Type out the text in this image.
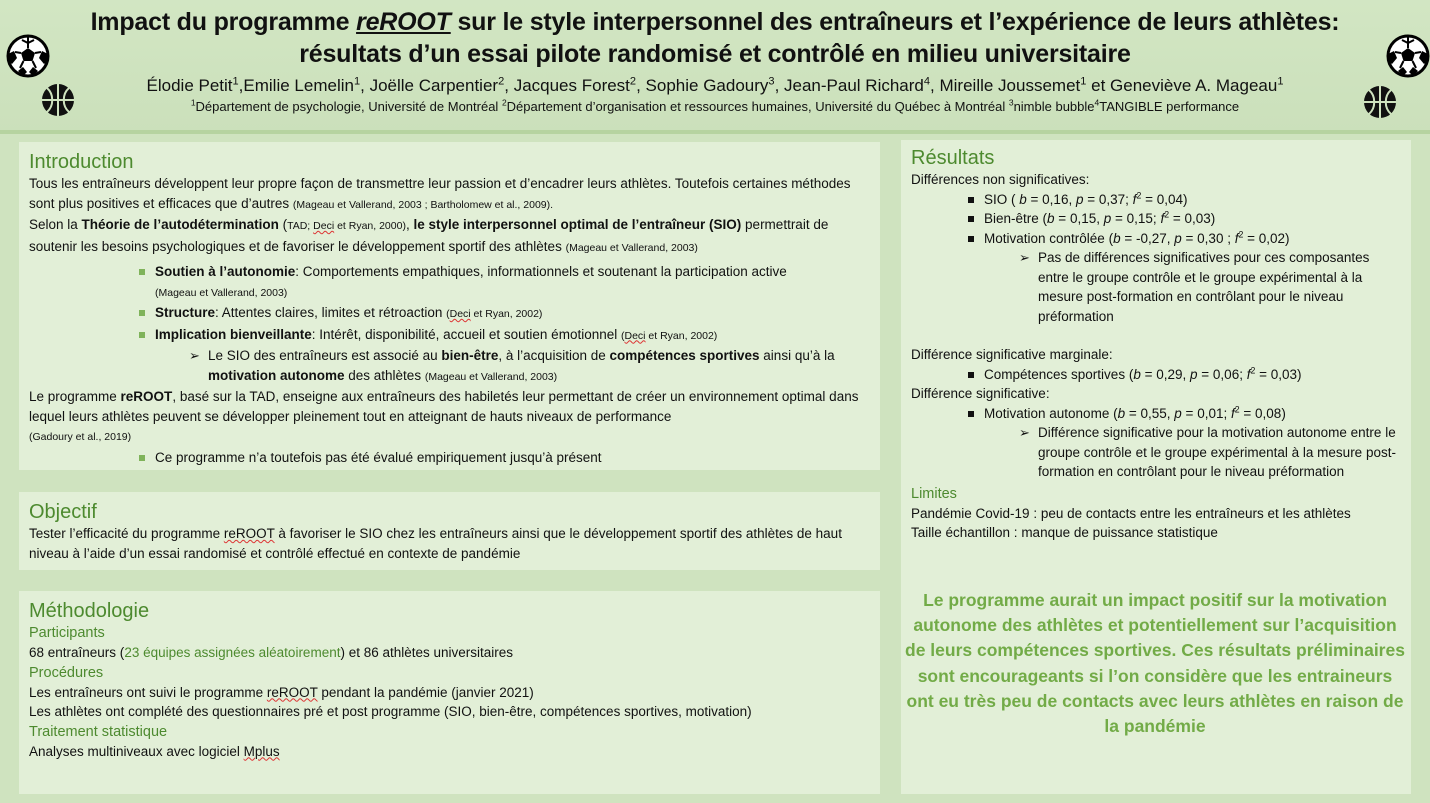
Impact du programme reROOT sur le style interpersonnel des entraîneurs et l’expérience de leurs athlètes:
résultats d’un essai pilote randomisé et contrôlé en milieu universitaire
Élodie Petit$^1$,Emilie Lemelin$^1$, Joëlle Carpentier$^2$, Jacques Forest$^2$, Sophie Gadoury$^3$, Jean-Paul Richard$^4$, Mireille Joussemet$^1$ et Geneviève A. Mageau$^1$
$^1$Département de psychologie, Université de Montréal $^2$Département d’organisation et ressources humaines, Université du Québec à Montréal $^3$nimble bubble$^4$TANGIBLE performance
Introduction
Tous les entraîneurs développent leur propre façon de transmettre leur passion et d’encadrer leurs athlètes. Toutefois certaines méthodes sont plus positives et efficaces que d’autres (Mageau et Vallerand, 2003 ; Bartholomew et al., 2009).
Selon la Théorie de l’autodétermination (TAD; Deci et Ryan, 2000), le style interpersonnel optimal de l’entraîneur (SIO) permettrait de soutenir les besoins psychologiques et de favoriser le développement sportif des athlètes (Mageau et Vallerand, 2003)
Soutien à l’autonomie: Comportements empathiques, informationnels et soutenant la participation active
(Mageau et Vallerand, 2003)
Structure: Attentes claires, limites et rétroaction (Deci et Ryan, 2002)
Implication bienveillante: Intérêt, disponibilité, accueil et soutien émotionnel (Deci et Ryan, 2002)
➢ Le SIO des entraîneurs est associé au bien-être, à l’acquisition de compétences sportives ainsi qu’à la motivation autonome des athlètes (Mageau et Vallerand, 2003)
Le programme reROOT, basé sur la TAD, enseigne aux entraîneurs des habiletés leur permettant de créer un environnement optimal dans lequel leurs athlètes peuvent se développer pleinement tout en atteignant de hauts niveaux de performance
(Gadoury et al., 2019)
Ce programme n’a toutefois pas été évalué empiriquement jusqu’à présent
Objectif
Tester l’efficacité du programme reROOT à favoriser le SIO chez les entraîneurs ainsi que le développement sportif des athlètes de haut niveau à l’aide d’un essai randomisé et contrôlé effectué en contexte de pandémie
Méthodologie
Participants
68 entraîneurs (23 équipes assignées aléatoirement) et 86 athlètes universitaires
Procédures
Les entraîneurs ont suivi le programme reROOT pendant la pandémie (janvier 2021)
Les athlètes ont complété des questionnaires pré et post programme (SIO, bien-être, compétences sportives, motivation)
Traitement statistique
Analyses multiniveaux avec logiciel Mplus
Résultats
Différences non significatives:
SIO ( b = 0,16, p = 0,37; $f^2 = 0,04$)
Bien-être (b = 0,15, p = 0,15; $f^2 = 0,03$)
Motivation contrôlée (b = -0,27, p = 0,30 ; $f^2 = 0,02$)
➢ Pas de différences significatives pour ces composantes entre le groupe contrôle et le groupe expérimental à la mesure post-formation en contrôlant pour le niveau préformation
Différence significative marginale:
Compétences sportives (b = 0,29, p = 0,06; $f^2 = 0,03$)
Différence significative:
Motivation autonome (b = 0,55, p = 0,01; $f^2 = 0,08$)
➢ Différence significative pour la motivation autonome entre le groupe contrôle et le groupe expérimental à la mesure post-formation en contrôlant pour le niveau préformation
Limites
Pandémie Covid-19 : peu de contacts entre les entraîneurs et les athlètes
Taille échantillon : manque de puissance statistique
Le programme aurait un impact positif sur la motivation autonome des athlètes et potentiellement sur l’acquisition de leurs compétences sportives. Ces résultats préliminaires sont encourageants si l’on considère que les entraineurs ont eu très peu de contacts avec leurs athlètes en raison de la pandémie
